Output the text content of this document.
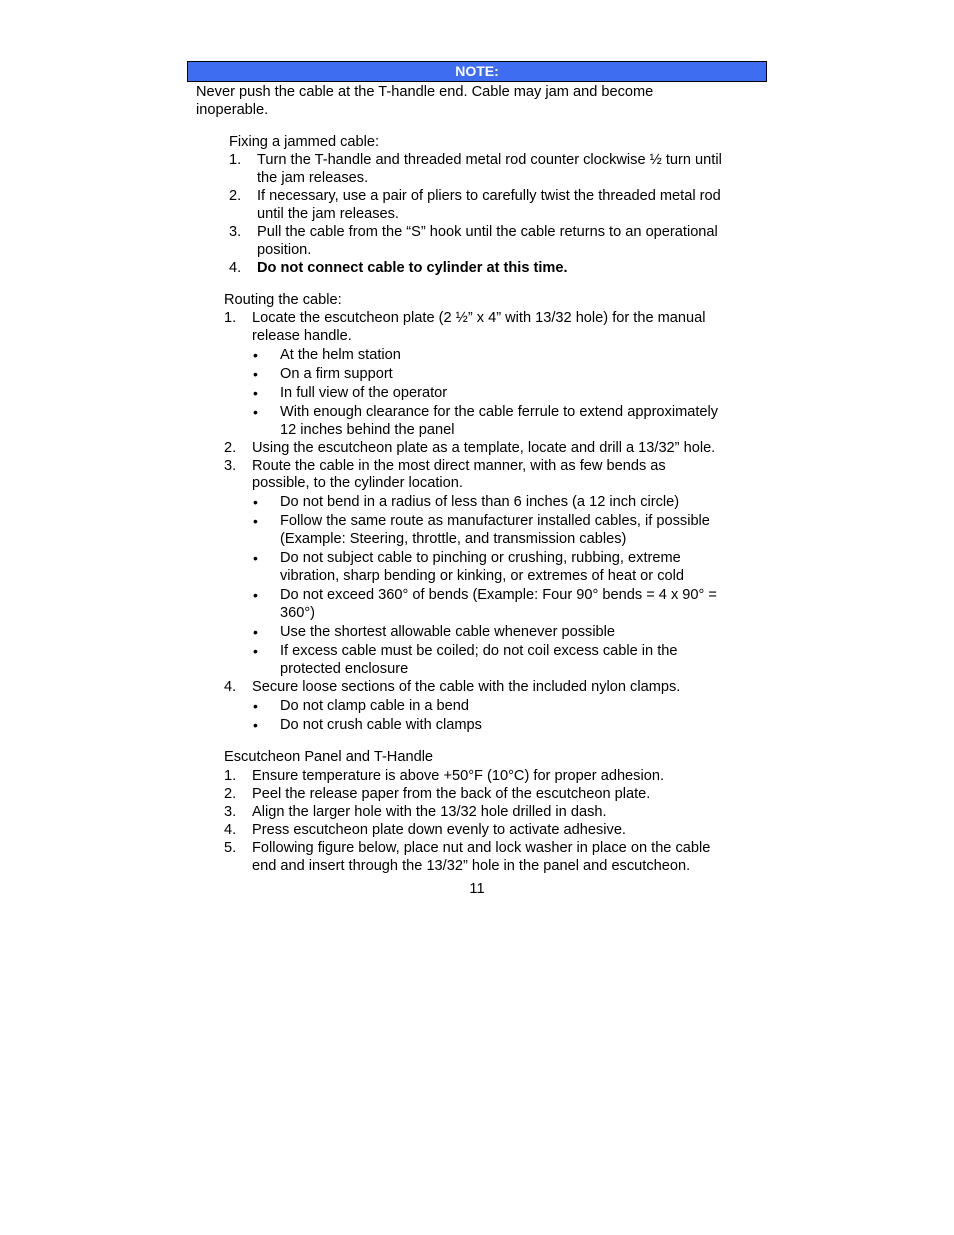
NOTE:

Never push the cable at the T-handle end. Cable may jam and become

inoperable.

Fixing a jammed cable:

1. Turn the T-handle and threaded metal rod counter clockwise ½ turn until

the jam releases.

2. If necessary, use a pair of pliers to carefully twist the threaded metal rod

until the jam releases.

3. Pull the cable from the “S” hook until the cable returns to an operational

position.

4. Do not connect cable to cylinder at this time.

Routing the cable:

1. Locate the escutcheon plate (2 ½” x 4” with 13/32 hole) for the manual

release handle.

• At the helm station

• On a firm support

• In full view of the operator

• With enough clearance for the cable ferrule to extend approximately

12 inches behind the panel

2. Using the escutcheon plate as a template, locate and drill a 13/32” hole.

3. Route the cable in the most direct manner, with as few bends as

possible, to the cylinder location.

• Do not bend in a radius of less than 6 inches (a 12 inch circle)

• Follow the same route as manufacturer installed cables, if possible

(Example: Steering, throttle, and transmission cables)

• Do not subject cable to pinching or crushing, rubbing, extreme

vibration, sharp bending or kinking, or extremes of heat or cold

• Do not exceed 360° of bends (Example: Four 90° bends = 4 x 90° =

360°)

• Use the shortest allowable cable whenever possible

• If excess cable must be coiled; do not coil excess cable in the

protected enclosure

4. Secure loose sections of the cable with the included nylon clamps.

• Do not clamp cable in a bend

• Do not crush cable with clamps

Escutcheon Panel and T-Handle

1. Ensure temperature is above +50°F (10°C) for proper adhesion.

2. Peel the release paper from the back of the escutcheon plate.

3. Align the larger hole with the 13/32 hole drilled in dash.

4. Press escutcheon plate down evenly to activate adhesive.

5. Following figure below, place nut and lock washer in place on the cable

end and insert through the 13/32” hole in the panel and escutcheon.

11
